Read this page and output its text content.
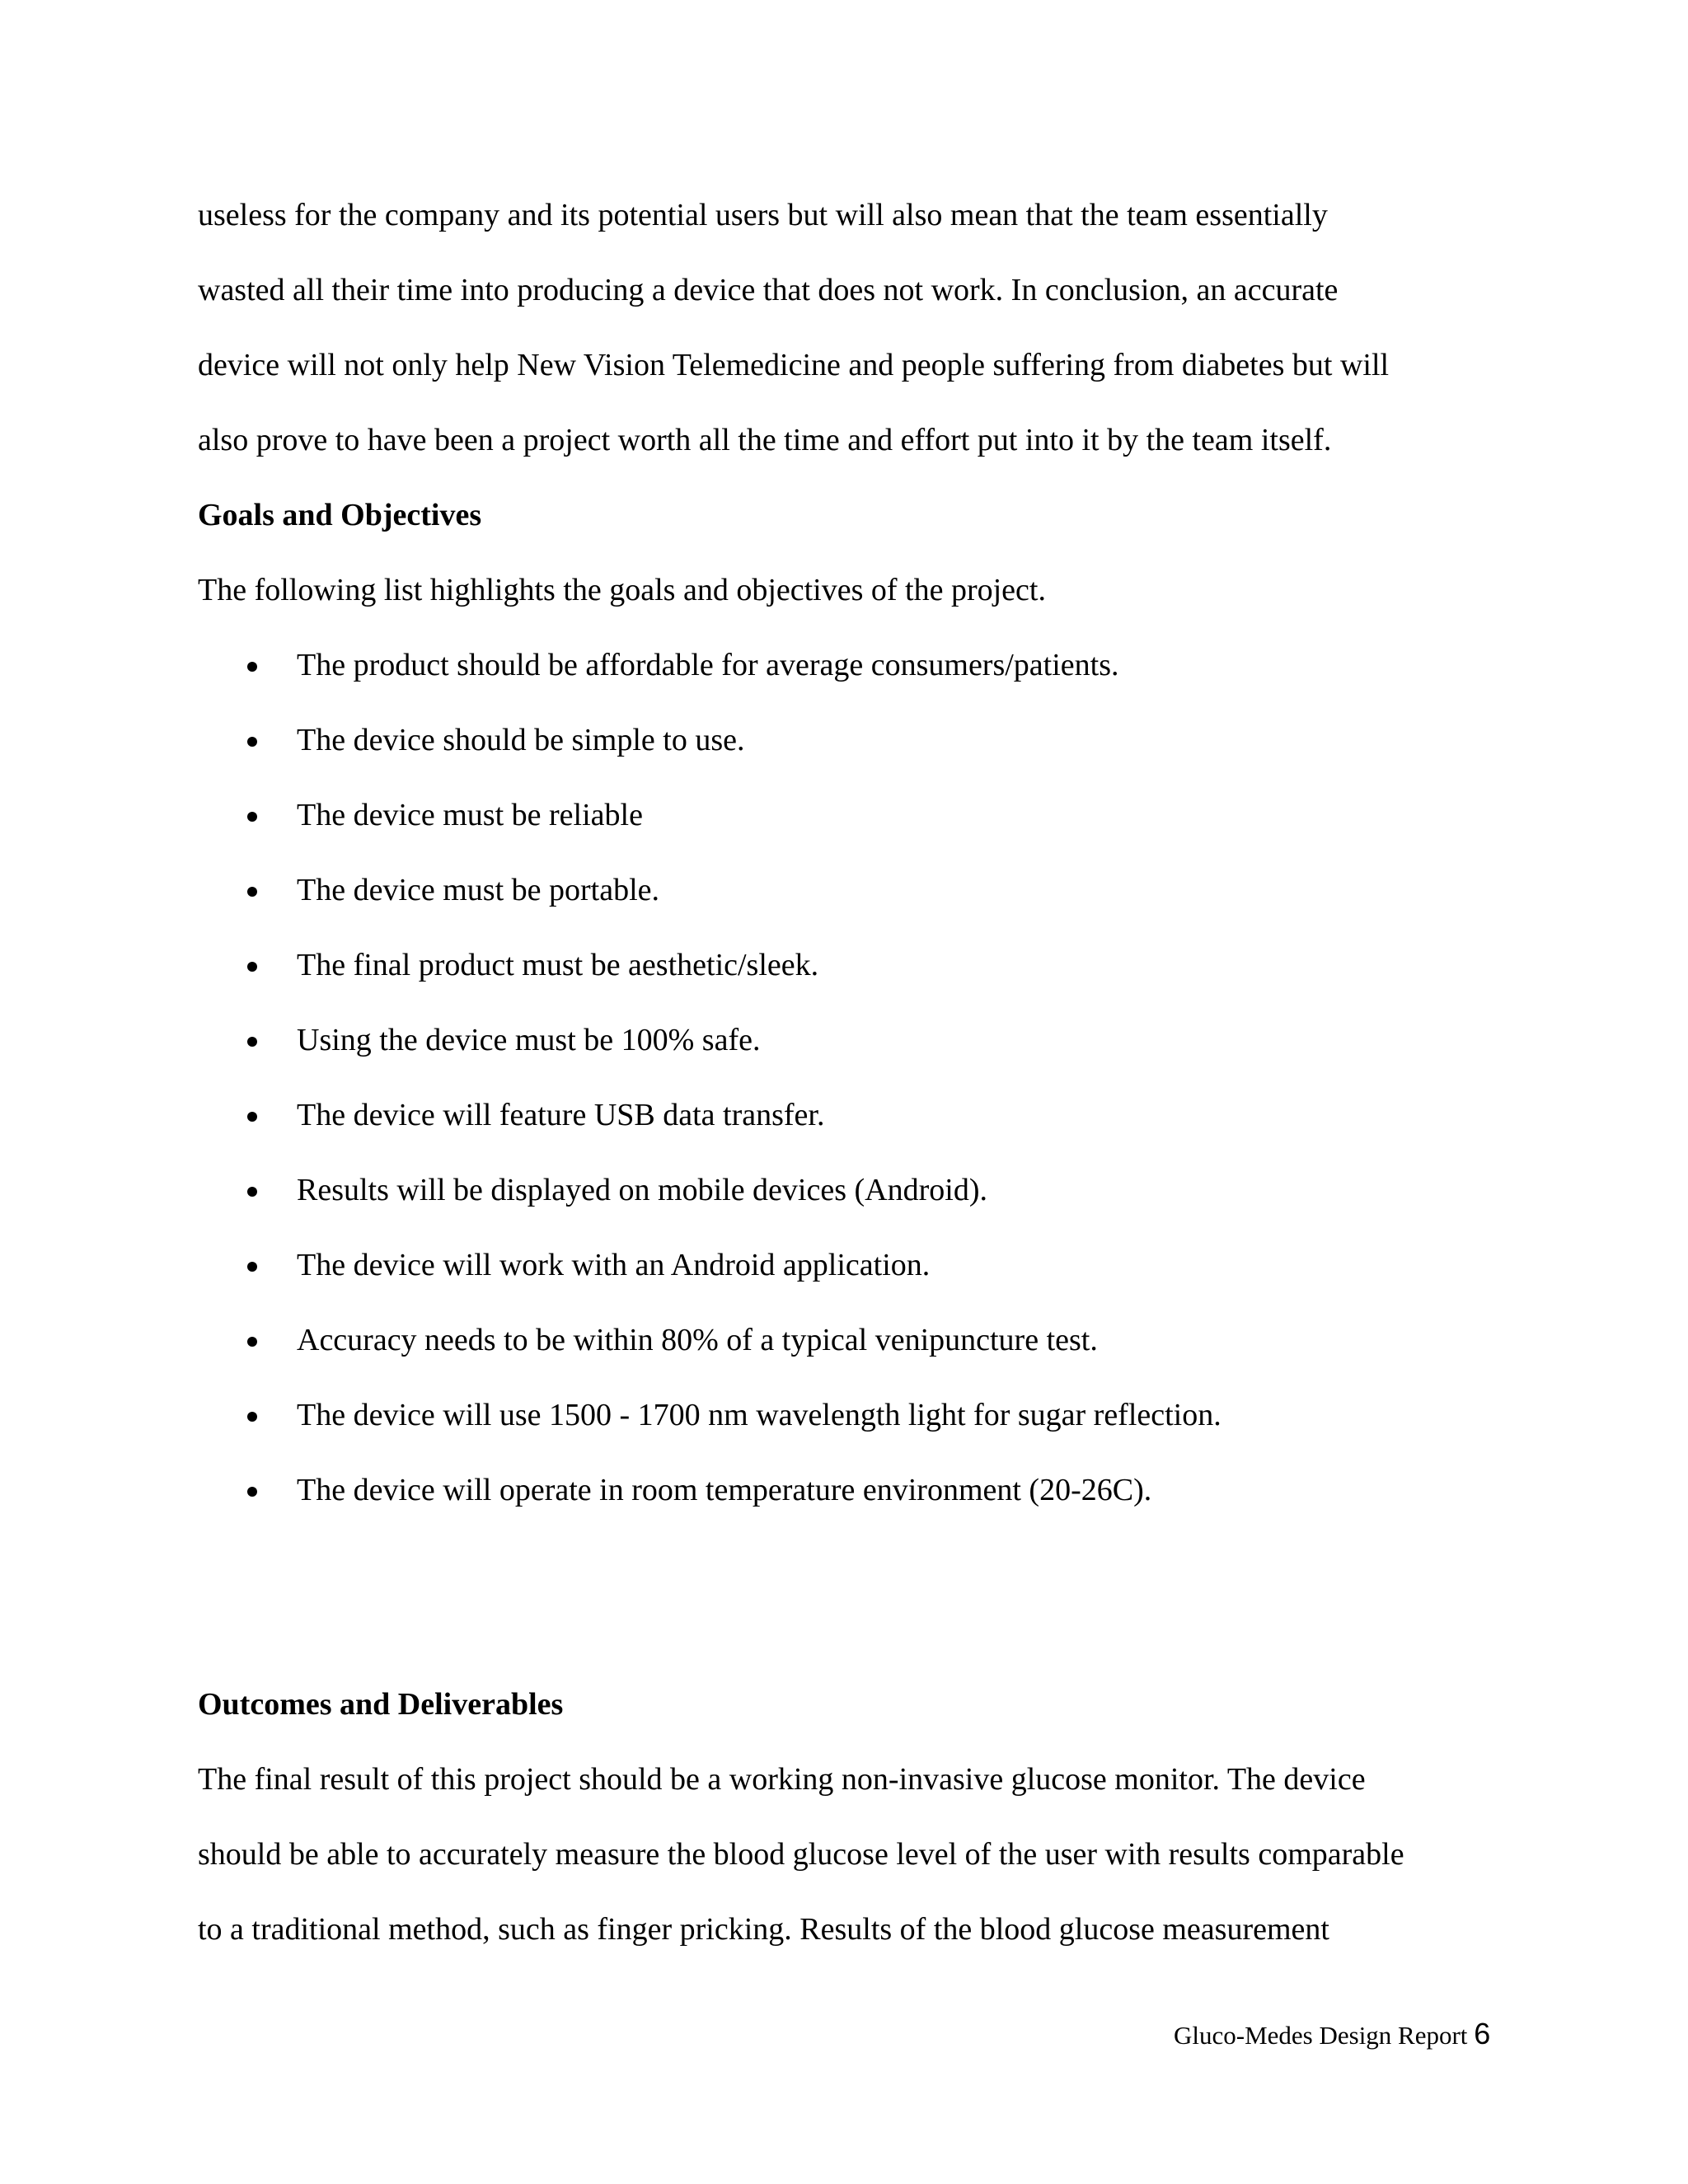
useless for the company and its potential users but will also mean that the team essentially
wasted all their time into producing a device that does not work. In conclusion, an accurate
device will not only help New Vision Telemedicine and people suffering from diabetes but will
also prove to have been a project worth all the time and effort put into it by the team itself.
Goals and Objectives
The following list highlights the goals and objectives of the project.
The product should be affordable for average consumers/patients.
The device should be simple to use.
The device must be reliable
The device must be portable.
The final product must be aesthetic/sleek.
Using the device must be 100% safe.
The device will feature USB data transfer.
Results will be displayed on mobile devices (Android).
The device will work with an Android application.
Accuracy needs to be within 80% of a typical venipuncture test.
The device will use 1500 - 1700 nm wavelength light for sugar reflection.
The device will operate in room temperature environment (20-26C).
Outcomes and Deliverables
The final result of this project should be a working non-invasive glucose monitor. The device
should be able to accurately measure the blood glucose level of the user with results comparable
to a traditional method, such as finger pricking. Results of the blood glucose measurement
Gluco-Medes Design Report 6
